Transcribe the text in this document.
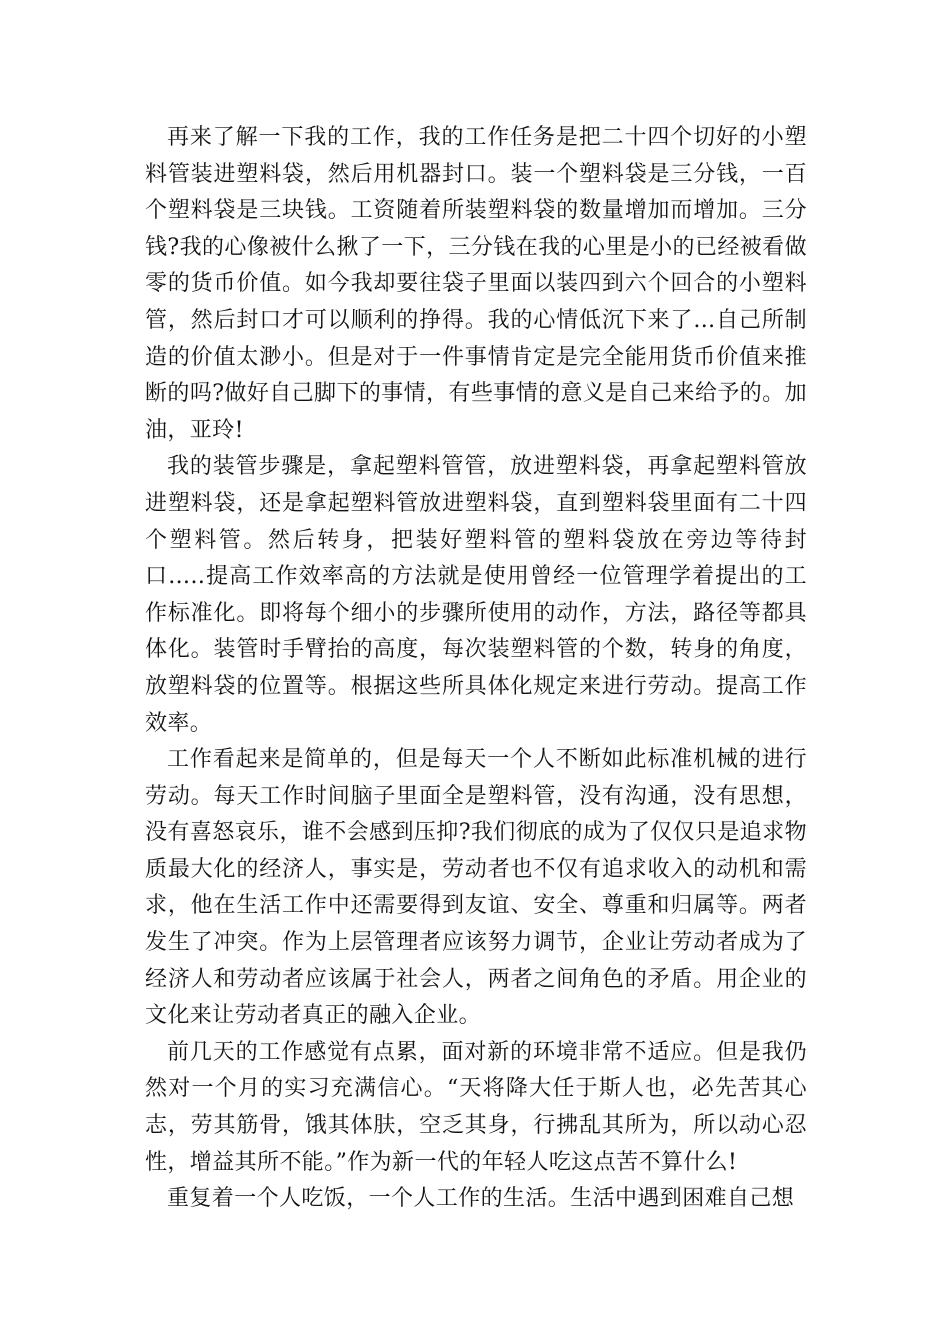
再来了解一下我的工作，我的工作任务是把二十四个切好的小塑料管装进塑料袋，然后用机器封口。装一个塑料袋是三分钱，一百个塑料袋是三块钱。工资随着所装塑料袋的数量增加而增加。三分钱?我的心像被什么揪了一下，三分钱在我的心里是小的已经被看做零的货币价值。如今我却要往袋子里面以装四到六个回合的小塑料管，然后封口才可以顺利的挣得。我的心情低沉下来了…自己所制造的价值太渺小。但是对于一件事情肯定是完全能用货币价值来推断的吗?做好自己脚下的事情，有些事情的意义是自己来给予的。加油，亚玲!

我的装管步骤是，拿起塑料管管，放进塑料袋，再拿起塑料管放进塑料袋，还是拿起塑料管放进塑料袋，直到塑料袋里面有二十四个塑料管。然后转身，把装好塑料管的塑料袋放在旁边等待封口…..提高工作效率高的方法就是使用曾经一位管理学着提出的工作标准化。即将每个细小的步骤所使用的动作，方法，路径等都具体化。装管时手臂抬的高度，每次装塑料管的个数，转身的角度，放塑料袋的位置等。根据这些所具体化规定来进行劳动。提高工作效率。

工作看起来是简单的，但是每天一个人不断如此标准机械的进行劳动。每天工作时间脑子里面全是塑料管，没有沟通，没有思想，没有喜怒哀乐，谁不会感到压抑?我们彻底的成为了仅仅只是追求物质最大化的经济人，事实是，劳动者也不仅有追求收入的动机和需求，他在生活工作中还需要得到友谊、安全、尊重和归属等。两者发生了冲突。作为上层管理者应该努力调节，企业让劳动者成为了经济人和劳动者应该属于社会人，两者之间角色的矛盾。用企业的文化来让劳动者真正的融入企业。

前几天的工作感觉有点累，面对新的环境非常不适应。但是我仍然对一个月的实习充满信心。“天将降大任于斯人也，必先苦其心志，劳其筋骨，饿其体肤，空乏其身，行拂乱其所为，所以动心忍性，增益其所不能。”作为新一代的年轻人吃这点苦不算什么!

重复着一个人吃饭，一个人工作的生活。生活中遇到困难自己想
